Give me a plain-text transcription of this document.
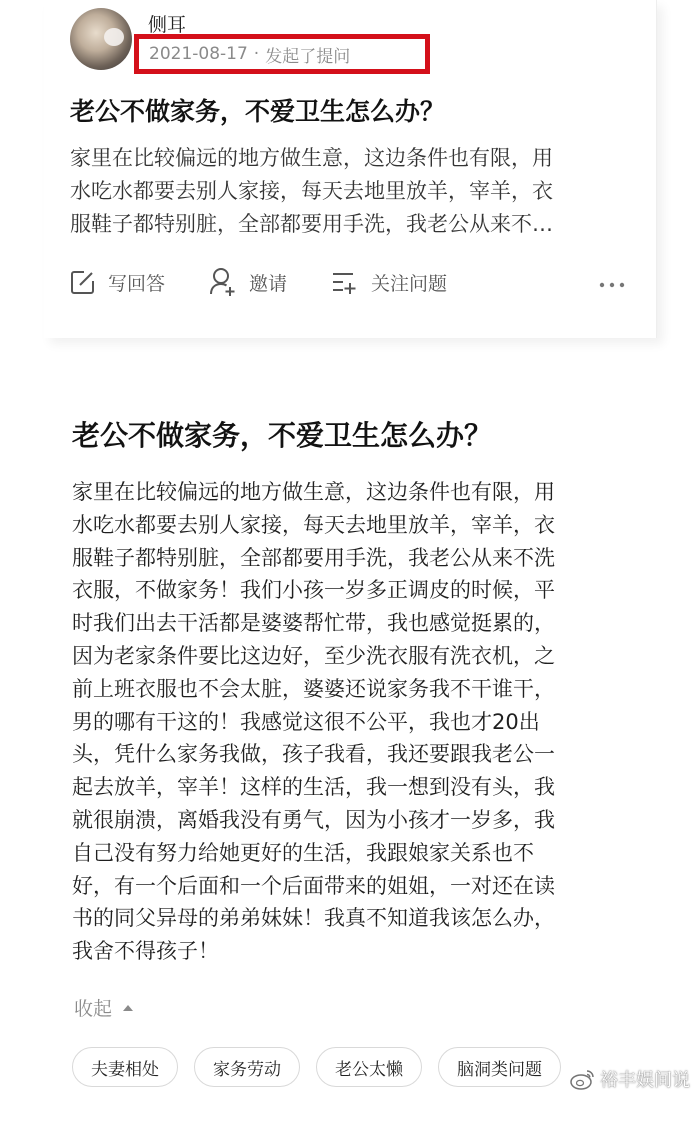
侧耳
2021-08-17 · 发起了提问
老公不做家务，不爱卫生怎么办？
家里在比较偏远的地方做生意，这边条件也有限，用
水吃水都要去别人家接，每天去地里放羊，宰羊，衣
服鞋子都特别脏，全部都要用手洗，我老公从来不…
写回答	邀请	关注问题
老公不做家务，不爱卫生怎么办？
家里在比较偏远的地方做生意，这边条件也有限，用
水吃水都要去别人家接，每天去地里放羊，宰羊，衣
服鞋子都特别脏，全部都要用手洗，我老公从来不洗
衣服，不做家务！我们小孩一岁多正调皮的时候，平
时我们出去干活都是婆婆帮忙带，我也感觉挺累的，
因为老家条件要比这边好，至少洗衣服有洗衣机，之
前上班衣服也不会太脏，婆婆还说家务我不干谁干，
男的哪有干这的！我感觉这很不公平，我也才20出
头，凭什么家务我做，孩子我看，我还要跟我老公一
起去放羊，宰羊！这样的生活，我一想到没有头，我
就很崩溃，离婚我没有勇气，因为小孩才一岁多，我
自己没有努力给她更好的生活，我跟娘家关系也不
好，有一个后面和一个后面带来的姐姐，一对还在读
书的同父异母的弟弟妹妹！我真不知道我该怎么办，
我舍不得孩子！
收起
夫妻相处	家务劳动	老公太懒	脑洞类问题
裕丰娱间说
